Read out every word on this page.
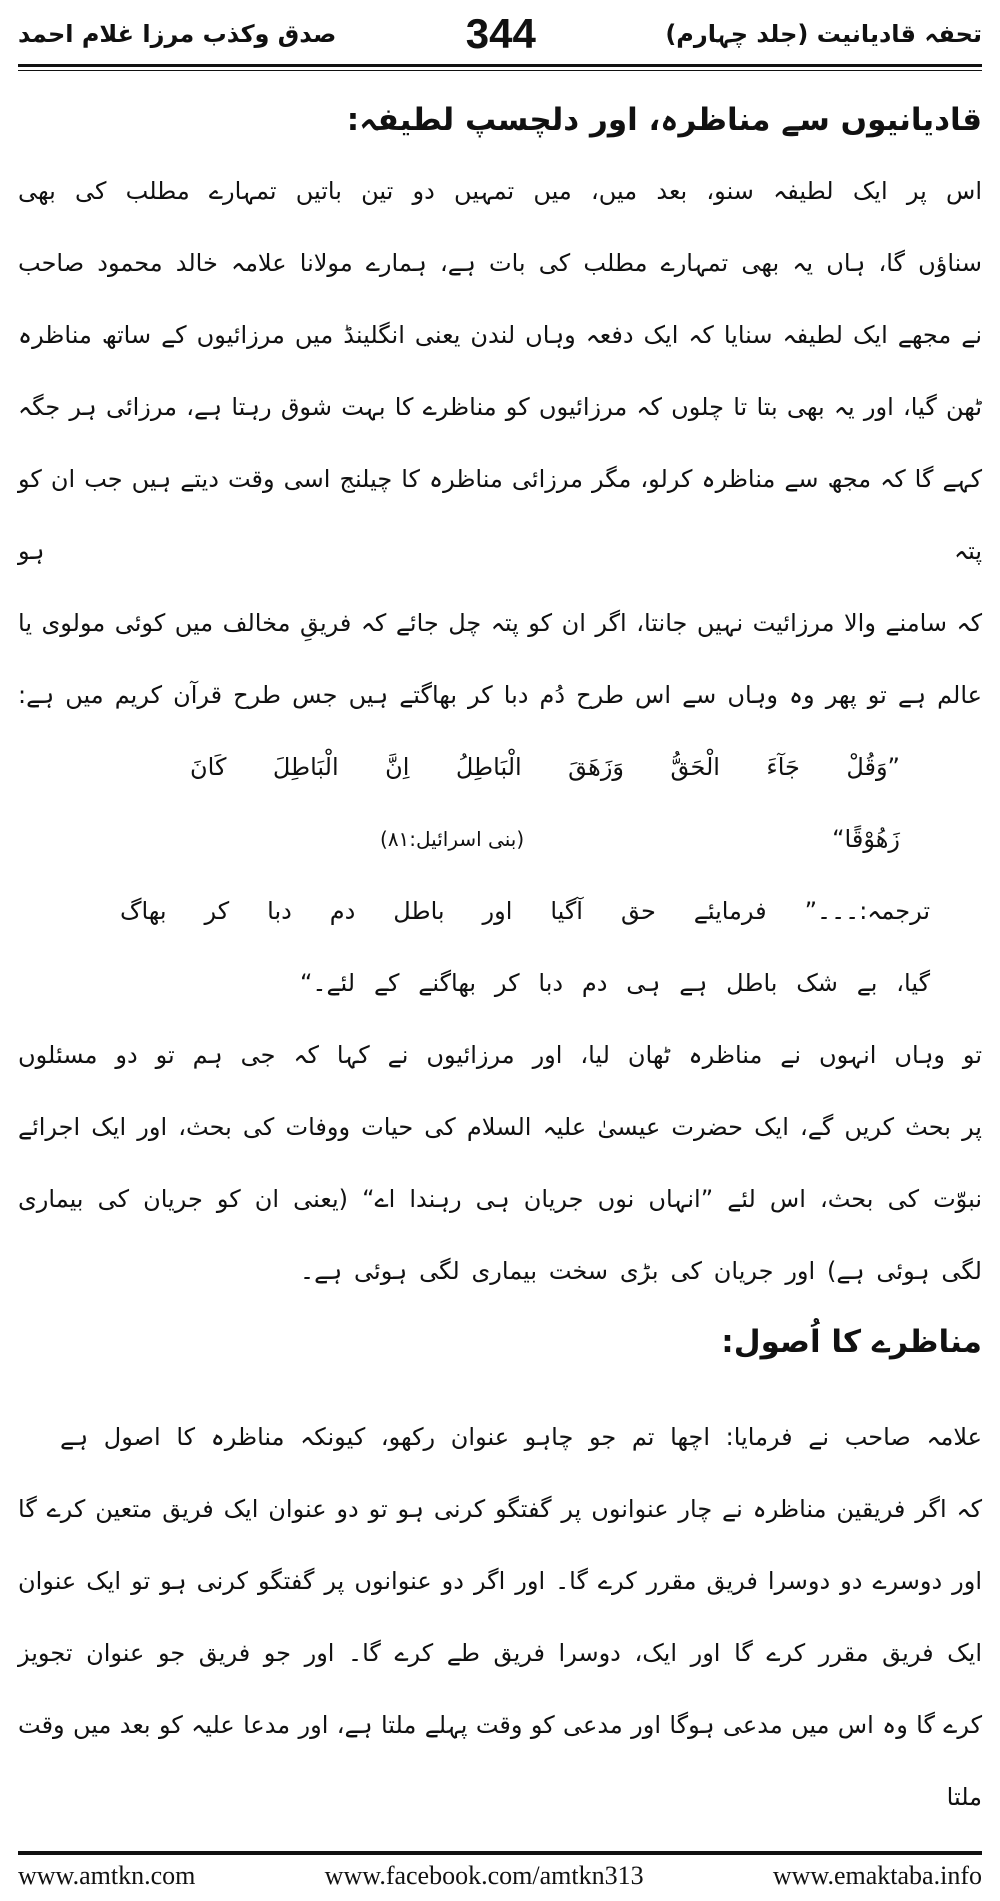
تحفہ قادیانیت (جلد چہارم)
344
صدق وکذب مرزا غلام احمد
قادیانیوں سے مناظرہ، اور دلچسپ لطیفہ:
اس پر ایک لطیفہ سنو، بعد میں، میں تمہیں دو تین باتیں تمہارے مطلب کی بھی
سناؤں گا، ہاں یہ بھی تمہارے مطلب کی بات ہے، ہمارے مولانا علامہ خالد محمود صاحب
نے مجھے ایک لطیفہ سنایا کہ ایک دفعہ وہاں لندن یعنی انگلینڈ میں مرزائیوں کے ساتھ مناظرہ
ٹھن گیا، اور یہ بھی بتا تا چلوں کہ مرزائیوں کو مناظرے کا بہت شوق رہتا ہے، مرزائی ہر جگہ
کہے گا کہ مجھ سے مناظرہ کرلو، مگر مرزائی مناظرہ کا چیلنج اسی وقت دیتے ہیں جب ان کو پتہ ہو
کہ سامنے والا مرزائیت نہیں جانتا، اگر ان کو پتہ چل جائے کہ فریقِ مخالف میں کوئی مولوی یا
عالم ہے تو پھر وہ وہاں سے اس طرح دُم دبا کر بھاگتے ہیں جس طرح قرآن کریم میں ہے:
”وَقُلْ جَآءَ الْحَقُّ وَزَهَقَ الْبَاطِلُ اِنَّ الْبَاطِلَ كَانَ
زَهُوْقًا“
(بنی اسرائیل:۸۱)
ترجمہ:۔۔۔” فرمایئے حق آگیا اور باطل دم دبا کر بھاگ
گیا، بے شک باطل ہے ہی دم دبا کر بھاگنے کے لئے۔“
تو وہاں انہوں نے مناظرہ ٹھان لیا، اور مرزائیوں نے کہا کہ جی ہم تو دو مسئلوں
پر بحث کریں گے، ایک حضرت عیسیٰ علیہ السلام کی حیات ووفات کی بحث، اور ایک اجرائے
نبوّت کی بحث، اس لئے ”انہاں نوں جریان ہی رہندا اے“ (یعنی ان کو جریان کی بیماری
لگی ہوئی ہے) اور جریان کی بڑی سخت بیماری لگی ہوئی ہے۔
مناظرے کا اُصول:
علامہ صاحب نے فرمایا: اچھا تم جو چاہو عنوان رکھو، کیونکہ مناظرہ کا اصول ہے
کہ اگر فریقین مناظرہ نے چار عنوانوں پر گفتگو کرنی ہو تو دو عنوان ایک فریق متعین کرے گا
اور دوسرے دو دوسرا فریق مقرر کرے گا۔ اور اگر دو عنوانوں پر گفتگو کرنی ہو تو ایک عنوان
ایک فریق مقرر کرے گا اور ایک، دوسرا فریق طے کرے گا۔ اور جو فریق جو عنوان تجویز
کرے گا وہ اس میں مدعی ہوگا اور مدعی کو وقت پہلے ملتا ہے، اور مدعا علیہ کو بعد میں وقت ملتا
www.amtkn.com	www.facebook.com/amtkn313	www.emaktaba.info
